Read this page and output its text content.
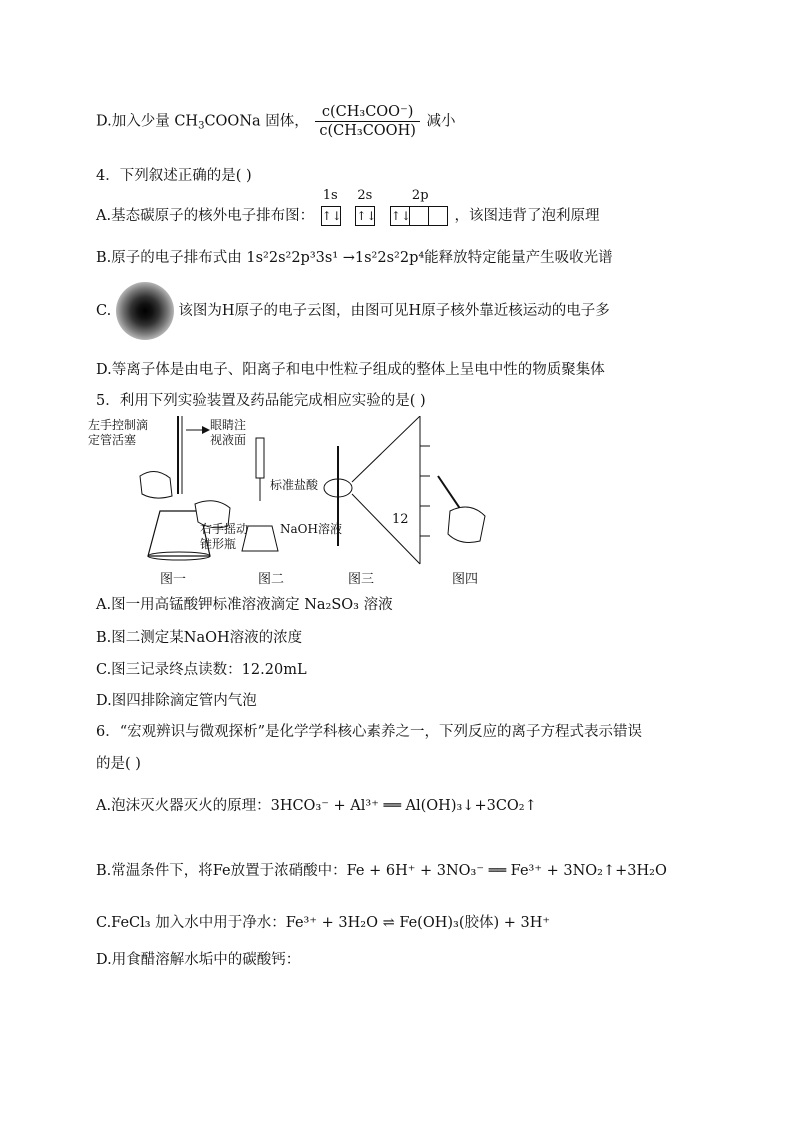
D.加入少量 $CH_3COONa$ 固体， $\frac{\text{c(CH₃COO⁻)}}{\text{c(CH₃COOH)}}$ 减小
4．下列叙述正确的是( )
A.基态碳原子的核外电子排布图：
1s
↑↓
2s
↑↓
2p
↑↓	，该图违背了泡利原理
B.原子的电子排布式由 1s²2s²2p³3s¹ →1s²2s²2p⁴能释放特定能量产生吸收光谱
C.	该图为H原子的电子云图，由图可见H原子核外靠近核运动的电子多
D.等离子体是由电子、阳离子和电中性粒子组成的整体上呈电中性的物质聚集体
5．利用下列实验装置及药品能完成相应实验的是( )
左手控制滴定管活塞
眼睛注视液面
右手摇动锥形瓶
标准盐酸
NaOH溶液
12
图一	图二	图三	图四
A.图一用高锰酸钾标准溶液滴定 Na₂SO₃ 溶液
B.图二测定某NaOH溶液的浓度
C.图三记录终点读数：12.20mL
D.图四排除滴定管内气泡
6．“宏观辨识与微观探析”是化学学科核心素养之一，下列反应的离子方程式表示错误
的是( )
A.泡沫灭火器灭火的原理：3HCO₃⁻ + Al³⁺ ══ Al(OH)₃↓+3CO₂↑
B.常温条件下，将Fe放置于浓硝酸中：Fe + 6H⁺ + 3NO₃⁻ ══ Fe³⁺ + 3NO₂↑+3H₂O
C.FeCl₃ 加入水中用于净水：Fe³⁺ + 3H₂O ⇌ Fe(OH)₃(胶体) + 3H⁺
D.用食醋溶解水垢中的碳酸钙：
